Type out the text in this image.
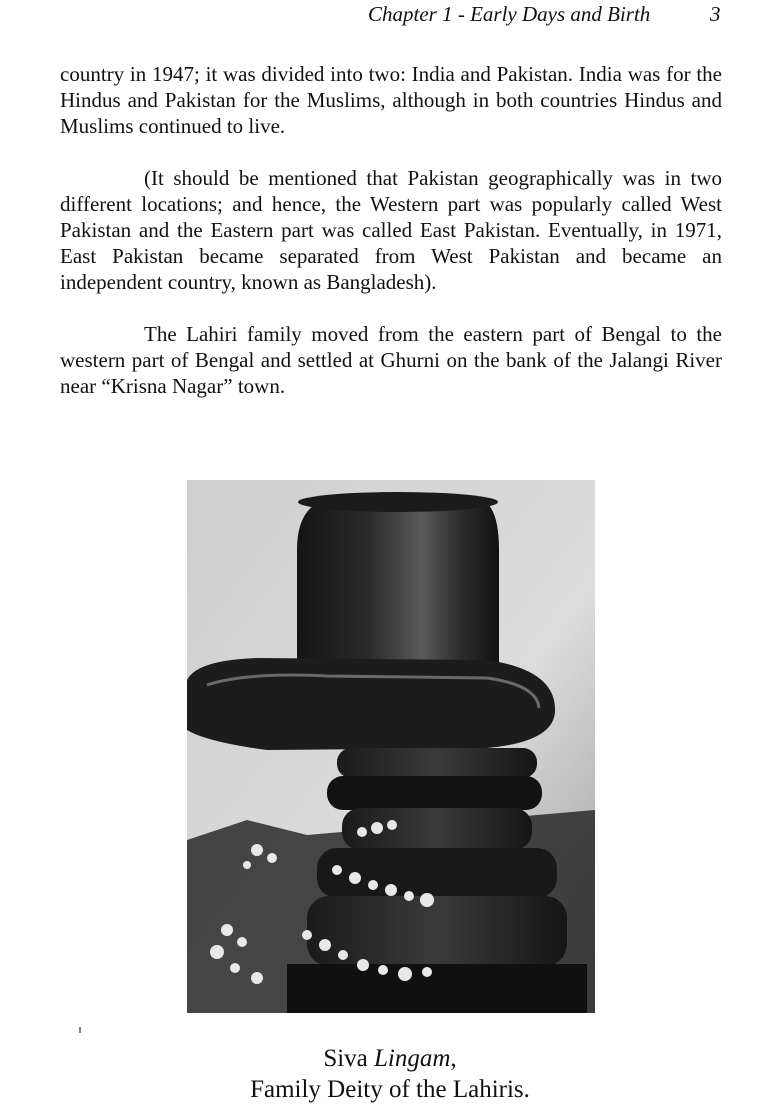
Chapter 1 - Early Days and Birth	3

country in 1947; it was divided into two: India and Pakistan. India was for the Hindus and Pakistan for the Muslims, although in both countries Hindus and Muslims continued to live.

(It should be mentioned that Pakistan geographically was in two different locations; and hence, the Western part was popularly called West Pakistan and the Eastern part was called East Pakistan. Eventually, in 1971, East Pakistan became separated from West Pakistan and became an independent country, known as Bangladesh).

The Lahiri family moved from the eastern part of Bengal to the western part of Bengal and settled at Ghurni on the bank of the Jalangi River near “Krisna Nagar” town.

Siva Lingam,
Family Deity of the Lahiris.
